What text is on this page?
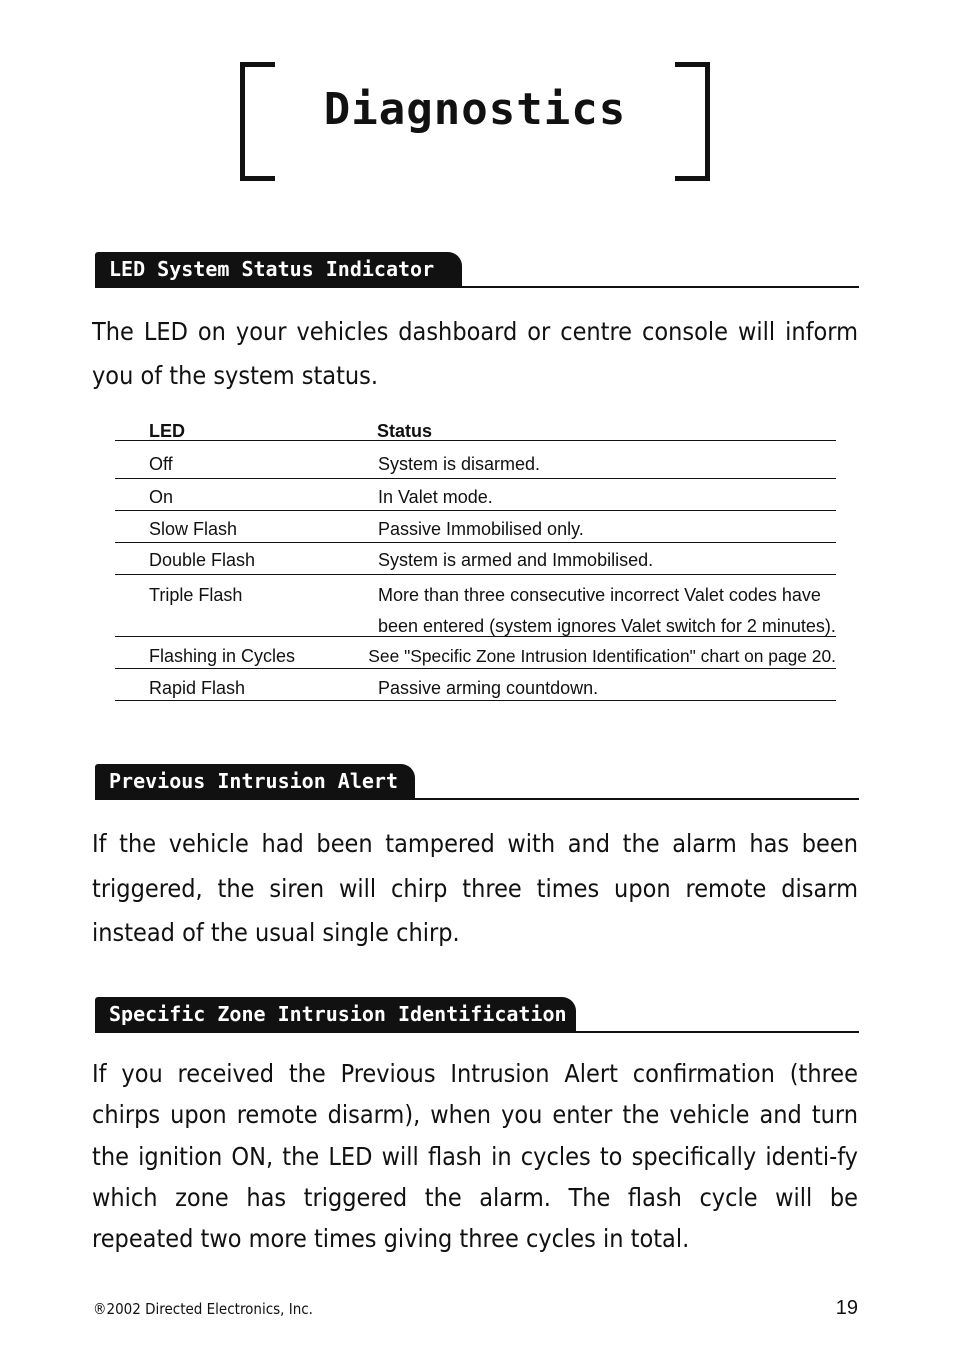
Diagnostics
LED System Status Indicator

The LED on your vehicles dashboard or centre console will inform you of the system status.

LED	Status
Off	System is disarmed.
On	In Valet mode.
Slow Flash	Passive Immobilised only.
Double Flash	System is armed and Immobilised.
Triple Flash	More than three consecutive incorrect Valet codes have been entered (system ignores Valet switch for 2 minutes).
Flashing in Cycles	See "Specific Zone Intrusion Identification" chart on page 20.
Rapid Flash	Passive arming countdown.
Previous Intrusion Alert

If the vehicle had been tampered with and the alarm has been triggered, the siren will chirp three times upon remote disarm instead of the usual single chirp.

Specific Zone Intrusion Identification

If you received the Previous Intrusion Alert confirmation (three chirps upon remote disarm), when you enter the vehicle and turn the ignition ON, the LED will flash in cycles to specifically identi-fy which zone has triggered the alarm. The flash cycle will be repeated two more times giving three cycles in total.

®2002 Directed Electronics, Inc.	19
